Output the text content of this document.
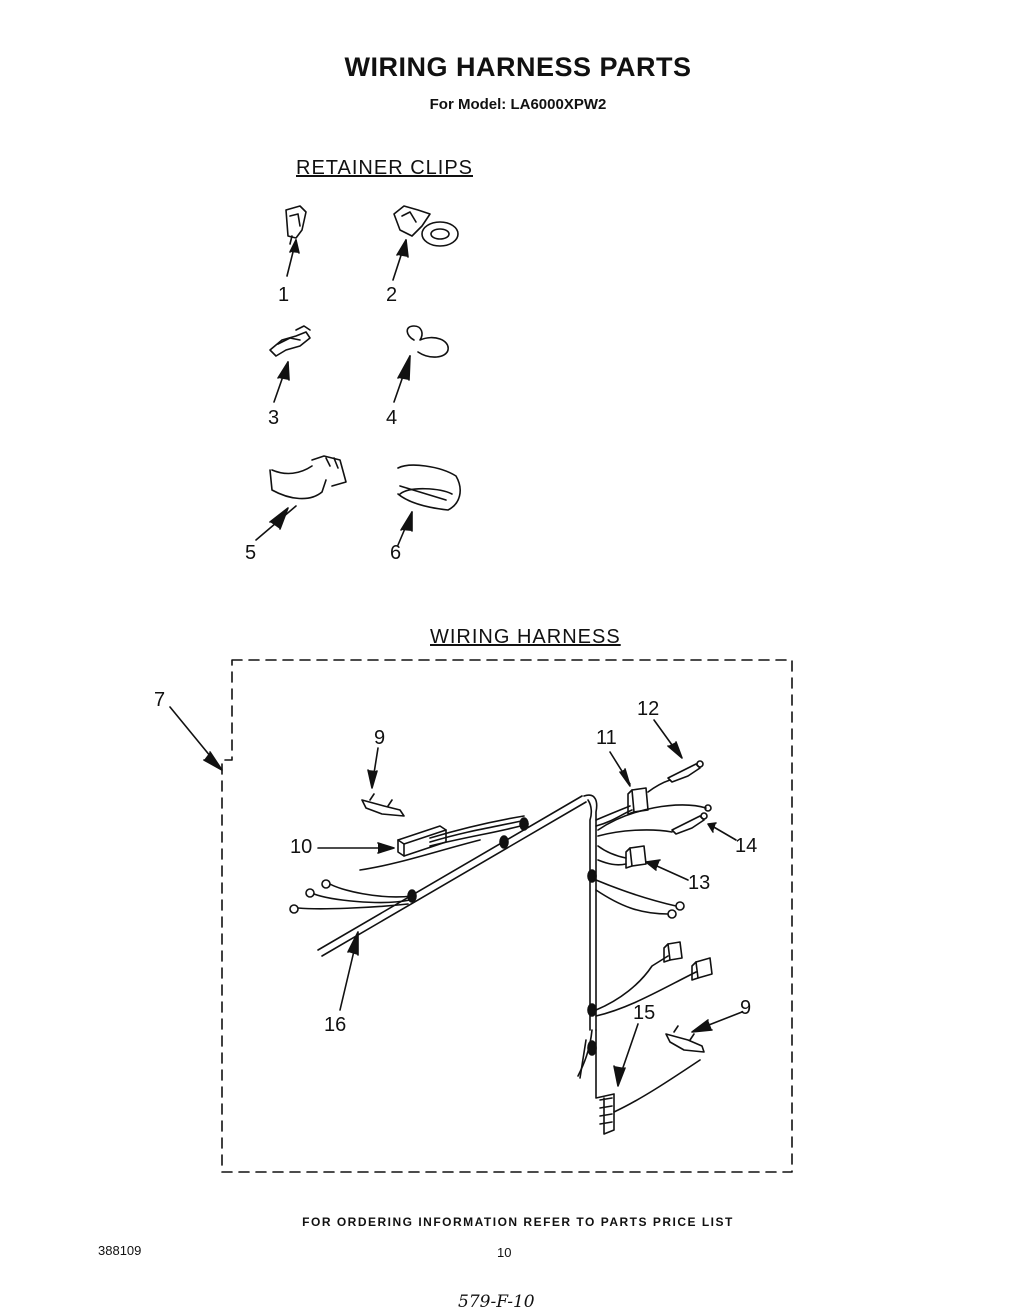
WIRING HARNESS PARTS
For Model: LA6000XPW2
RETAINER CLIPS
WIRING HARNESS
1	2
3	4
5	6
7
9
10
11
12
13
14
15
16
9
FOR ORDERING INFORMATION REFER TO PARTS PRICE LIST
388109	10
579-F-10
